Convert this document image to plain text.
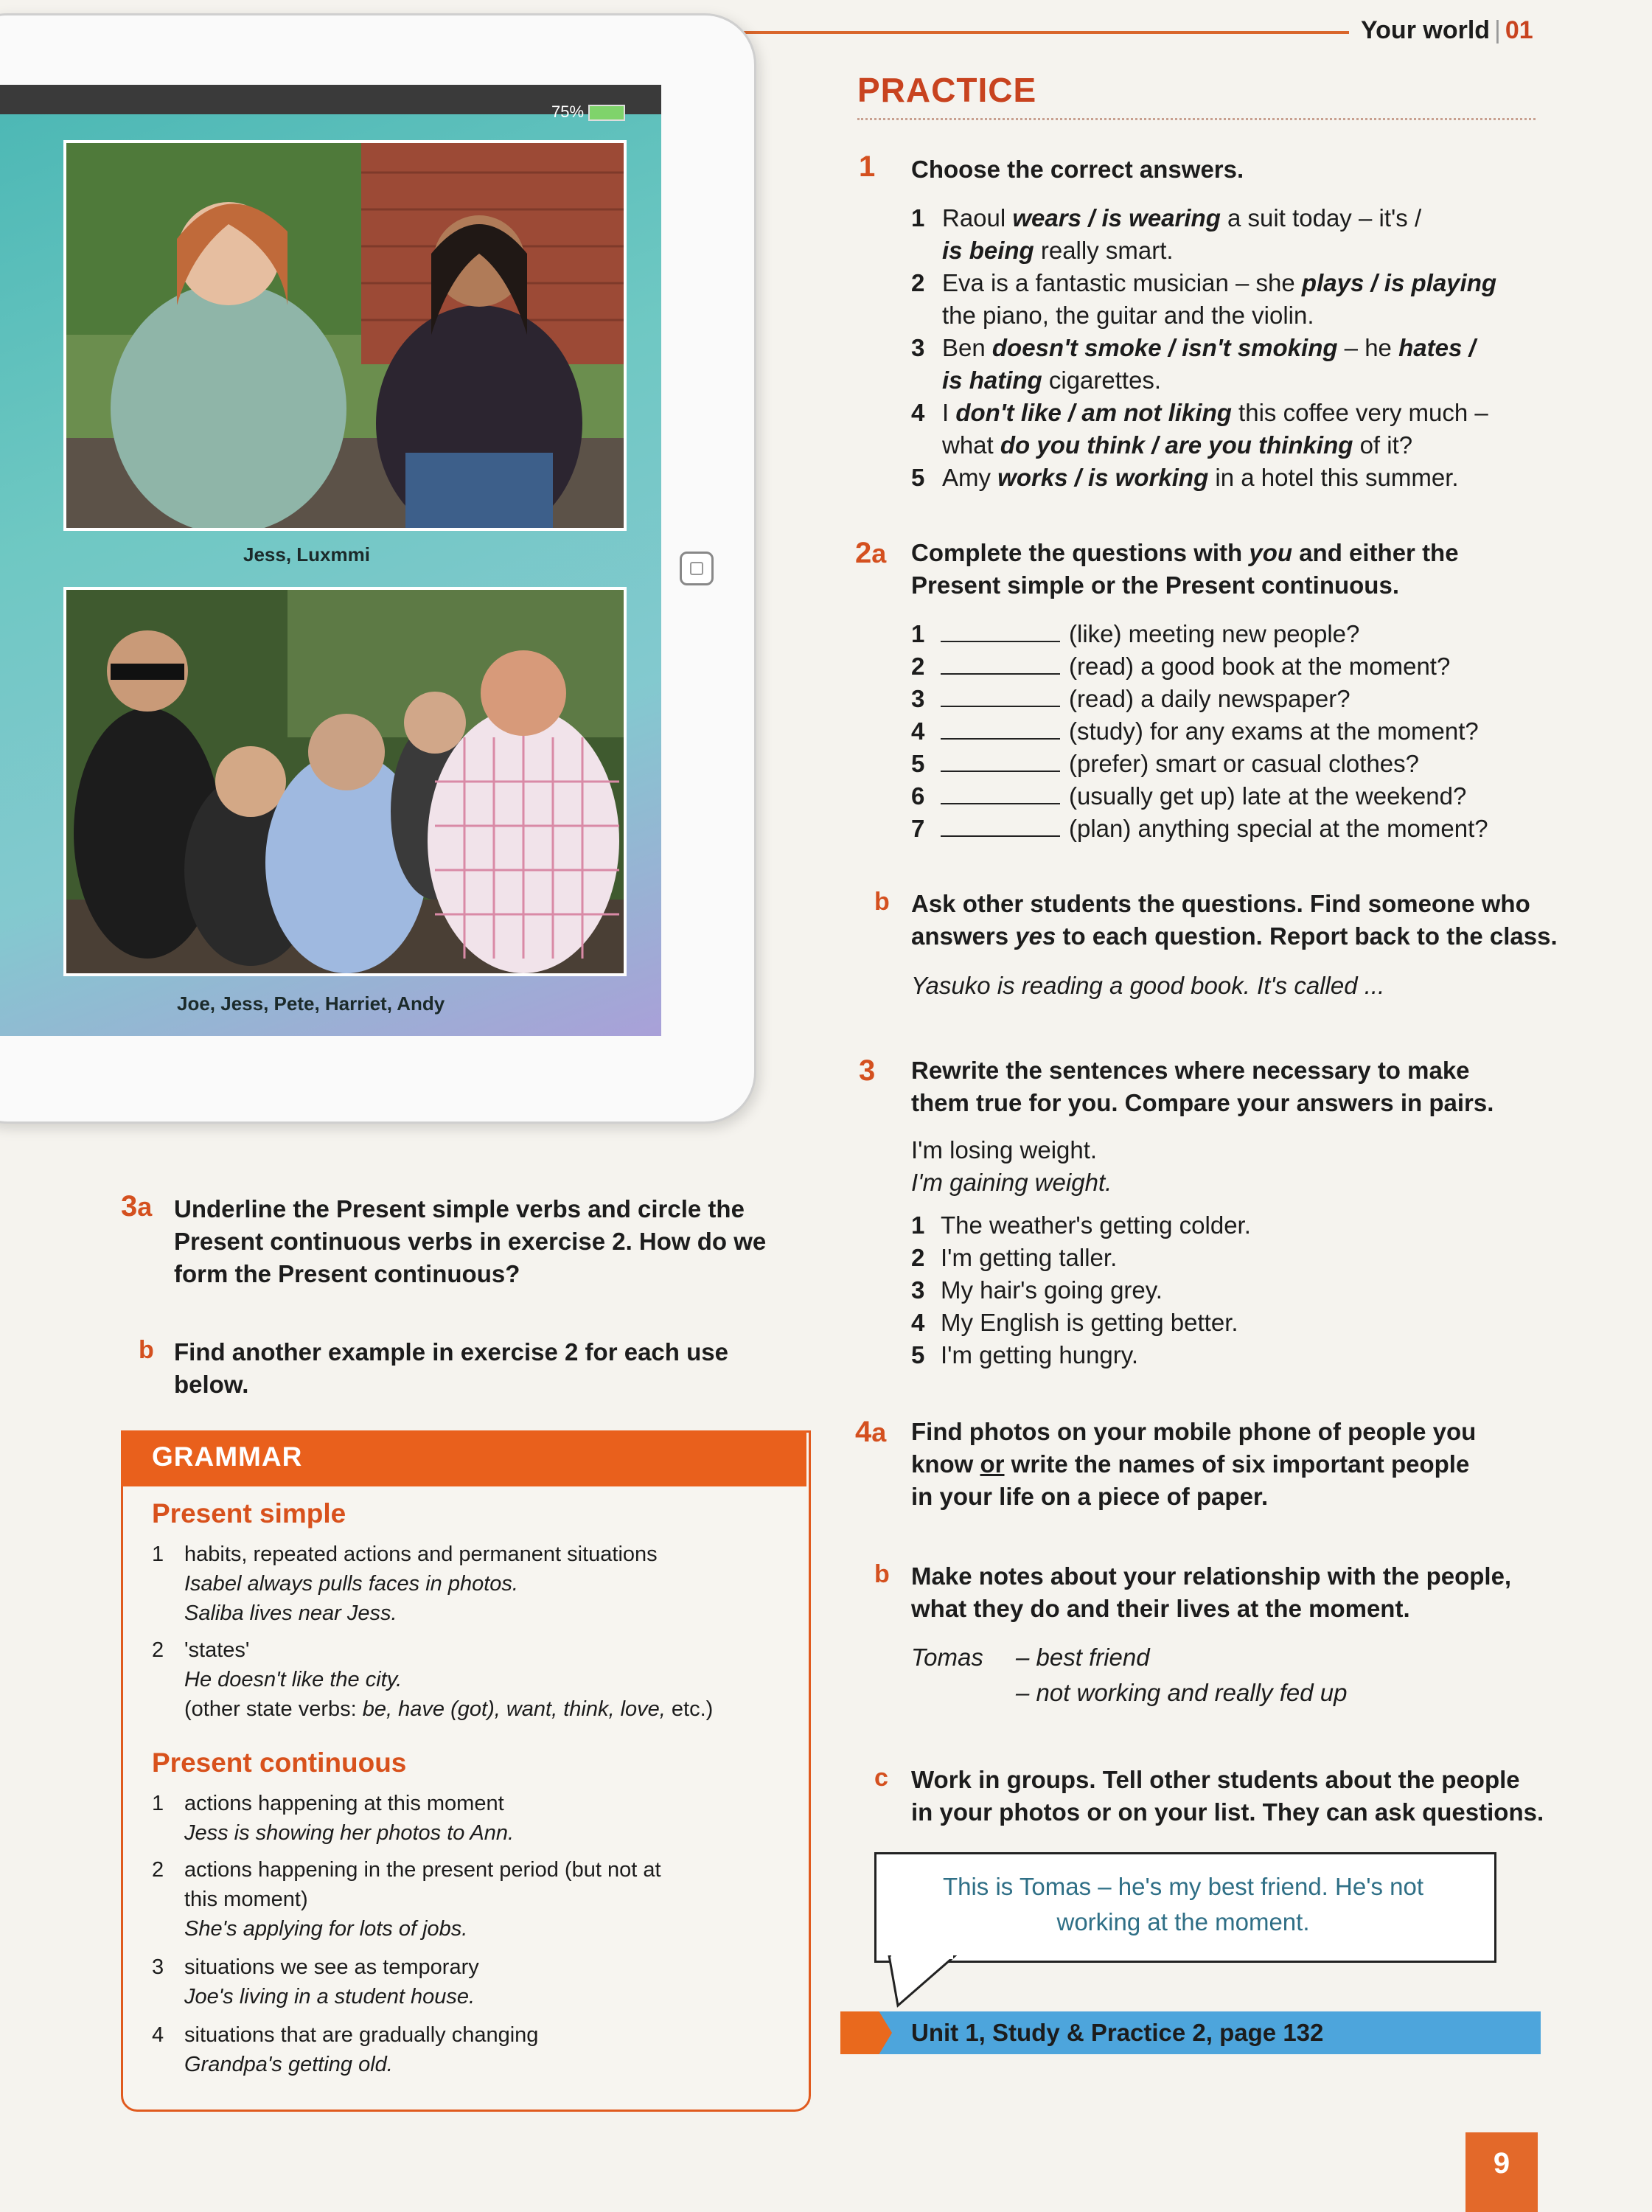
Your world | 01
75%
Jess, Luxmmi
Joe, Jess, Pete, Harriet, Andy
PRACTICE
1 Choose the correct answers.
1 Raoul wears / is wearing a suit today – it's /
is being really smart.
2 Eva is a fantastic musician – she plays / is playing
the piano, the guitar and the violin.
3 Ben doesn't smoke / isn't smoking – he hates /
is hating cigarettes.
4 I don't like / am not liking this coffee very much –
what do you think / are you thinking of it?
5 Amy works / is working in a hotel this summer.
2a Complete the questions with you and either the
Present simple or the Present continuous.
1	(like) meeting new people?
2	(read) a good book at the moment?
3	(read) a daily newspaper?
4	(study) for any exams at the moment?
5	(prefer) smart or casual clothes?
6	(usually get up) late at the weekend?
7	(plan) anything special at the moment?
b Ask other students the questions. Find someone who
answers yes to each question. Report back to the class.
Yasuko is reading a good book. It's called ...
3 Rewrite the sentences where necessary to make
them true for you. Compare your answers in pairs.
I'm losing weight.
I'm gaining weight.
1 The weather's getting colder.
2 I'm getting taller.
3 My hair's going grey.
4 My English is getting better.
5 I'm getting hungry.
4a Find photos on your mobile phone of people you
know or write the names of six important people
in your life on a piece of paper.
b Make notes about your relationship with the people,
what they do and their lives at the moment.
Tomas – best friend
– not working and really fed up
c Work in groups. Tell other students about the people
in your photos or on your list. They can ask questions.
This is Tomas – he's my best friend. He's not
working at the moment.
Unit 1, Study & Practice 2, page 132
3a Underline the Present simple verbs and circle the
Present continuous verbs in exercise 2. How do we
form the Present continuous?
b Find another example in exercise 2 for each use
below.
GRAMMAR
Present simple
1 habits, repeated actions and permanent situations
Isabel always pulls faces in photos.
Saliba lives near Jess.
2 'states'
He doesn't like the city.
(other state verbs: be, have (got), want, think, love, etc.)
Present continuous
1 actions happening at this moment
Jess is showing her photos to Ann.
2 actions happening in the present period (but not at
this moment)
She's applying for lots of jobs.
3 situations we see as temporary
Joe's living in a student house.
4 situations that are gradually changing
Grandpa's getting old.
9
